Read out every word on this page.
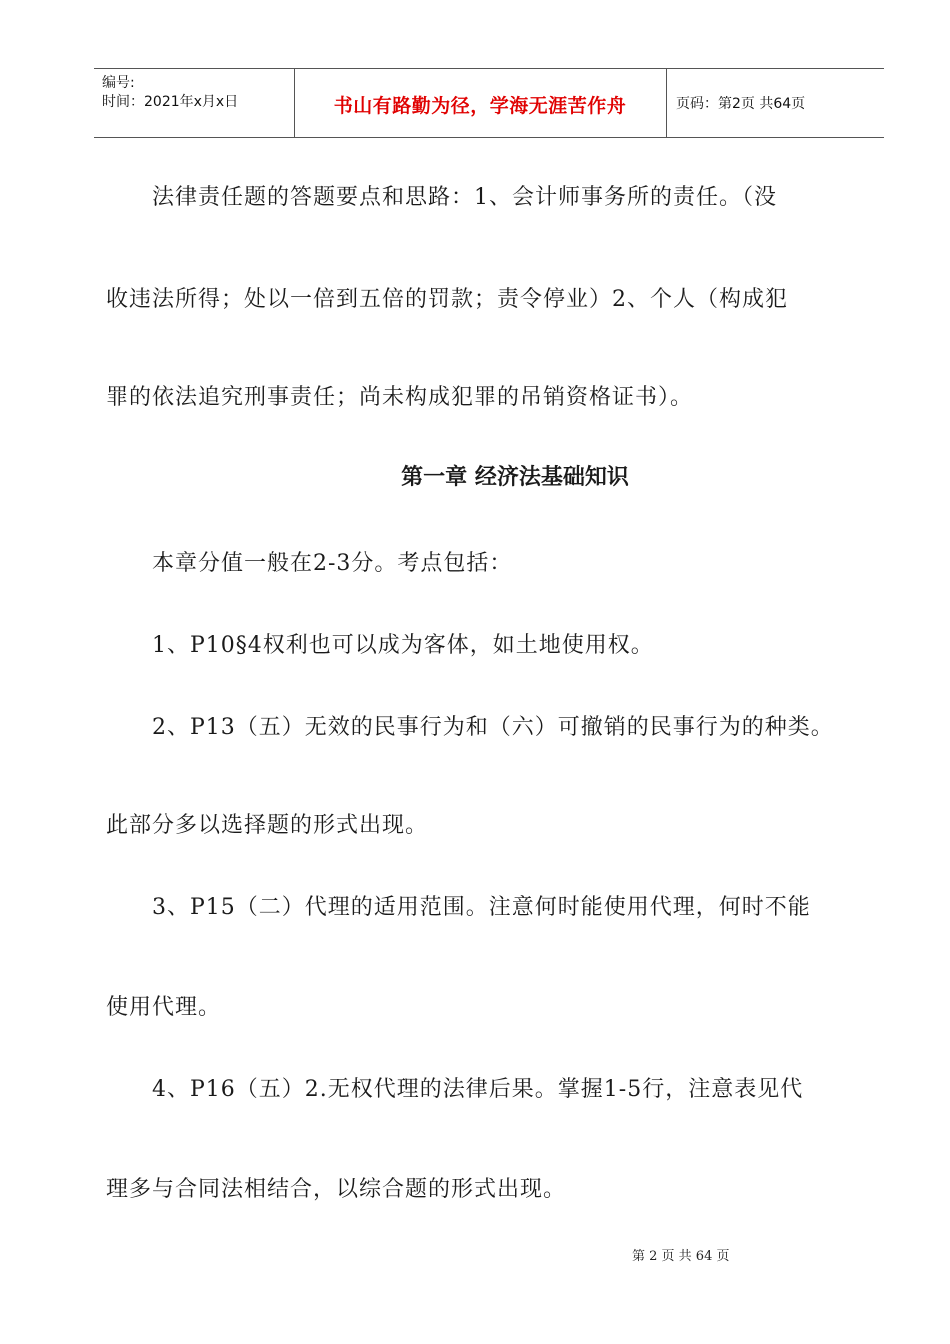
编号:
时间：2021年x月x日	书山有路勤为径，学海无涯苦作舟	页码：第2页 共64页
法律责任题的答题要点和思路：1、会计师事务所的责任。（没
收违法所得；处以一倍到五倍的罚款；责令停业）2、个人（构成犯
罪的依法追究刑事责任；尚未构成犯罪的吊销资格证书）。
第一章 经济法基础知识
本章分值一般在2-3分。考点包括：
1、P10§4权利也可以成为客体，如土地使用权。
2、P13（五）无效的民事行为和（六）可撤销的民事行为的种类。
此部分多以选择题的形式出现。
3、P15（二）代理的适用范围。注意何时能使用代理，何时不能
使用代理。
4、P16（五）2.无权代理的法律后果。掌握1-5行，注意表见代
理多与合同法相结合，以综合题的形式出现。
第 2 页 共 64 页
